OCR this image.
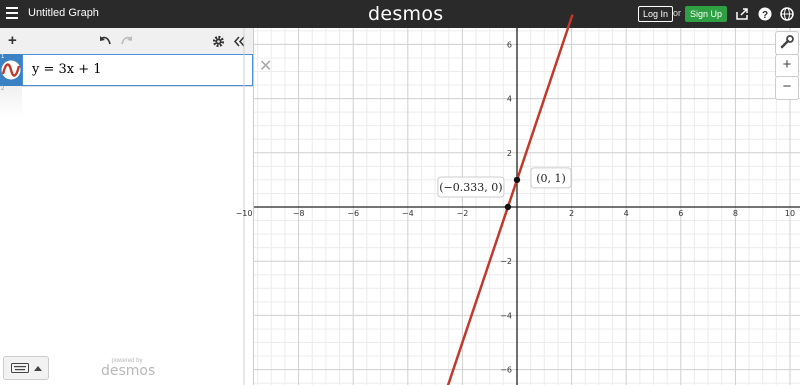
Untitled Graph	desmos	Log In or Sign Up	?
+
1
y = 3x + 1	✕
2
powered by
desmos
−10	−8	−6	−4	−2	2	4	6	8	10
6
4
2
−2
−4
−6
(−0.333, 0)
(0, 1)
+
−
